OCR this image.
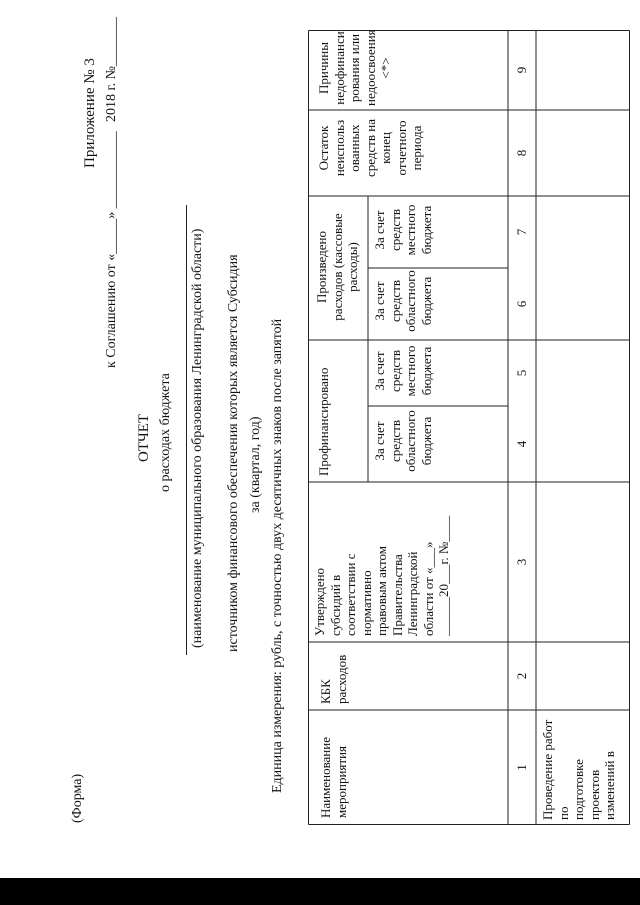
(Форма)
Приложение № 3
к Соглашению от «_____» ___________
2018 г. №_______
ОТЧЕТ о расходах бюджета (наименование муниципального образования Ленинградской области) источником финансового обеспечения которых является Субсидия за (квартал, год) Единица измерения: рубль, с точностью двух десятичных знаков после запятой	Наименование
мероприятия
КБК
расходов
Утверждено
субсидий в
соответствии с
нормативно
правовым актом
Правительства
Ленинградской
области от «___»
______20___г. №____
Профинансировано	За счет
средств
областного
бюджета
За счет
средств
местного
бюджета
Произведено
расходов (кассовые
расходы)
За счет
средств
областного
бюджета
За счет
средств
местного
бюджета
Остаток
неиспольз
ованных
средств на
конец
отчетного
периода
Причины
недофинанси
рования или
недоосвоения
<*>
1
2
3
4
5
6
7
8
9
Проведение работ по
подготовке проектов
изменений в
